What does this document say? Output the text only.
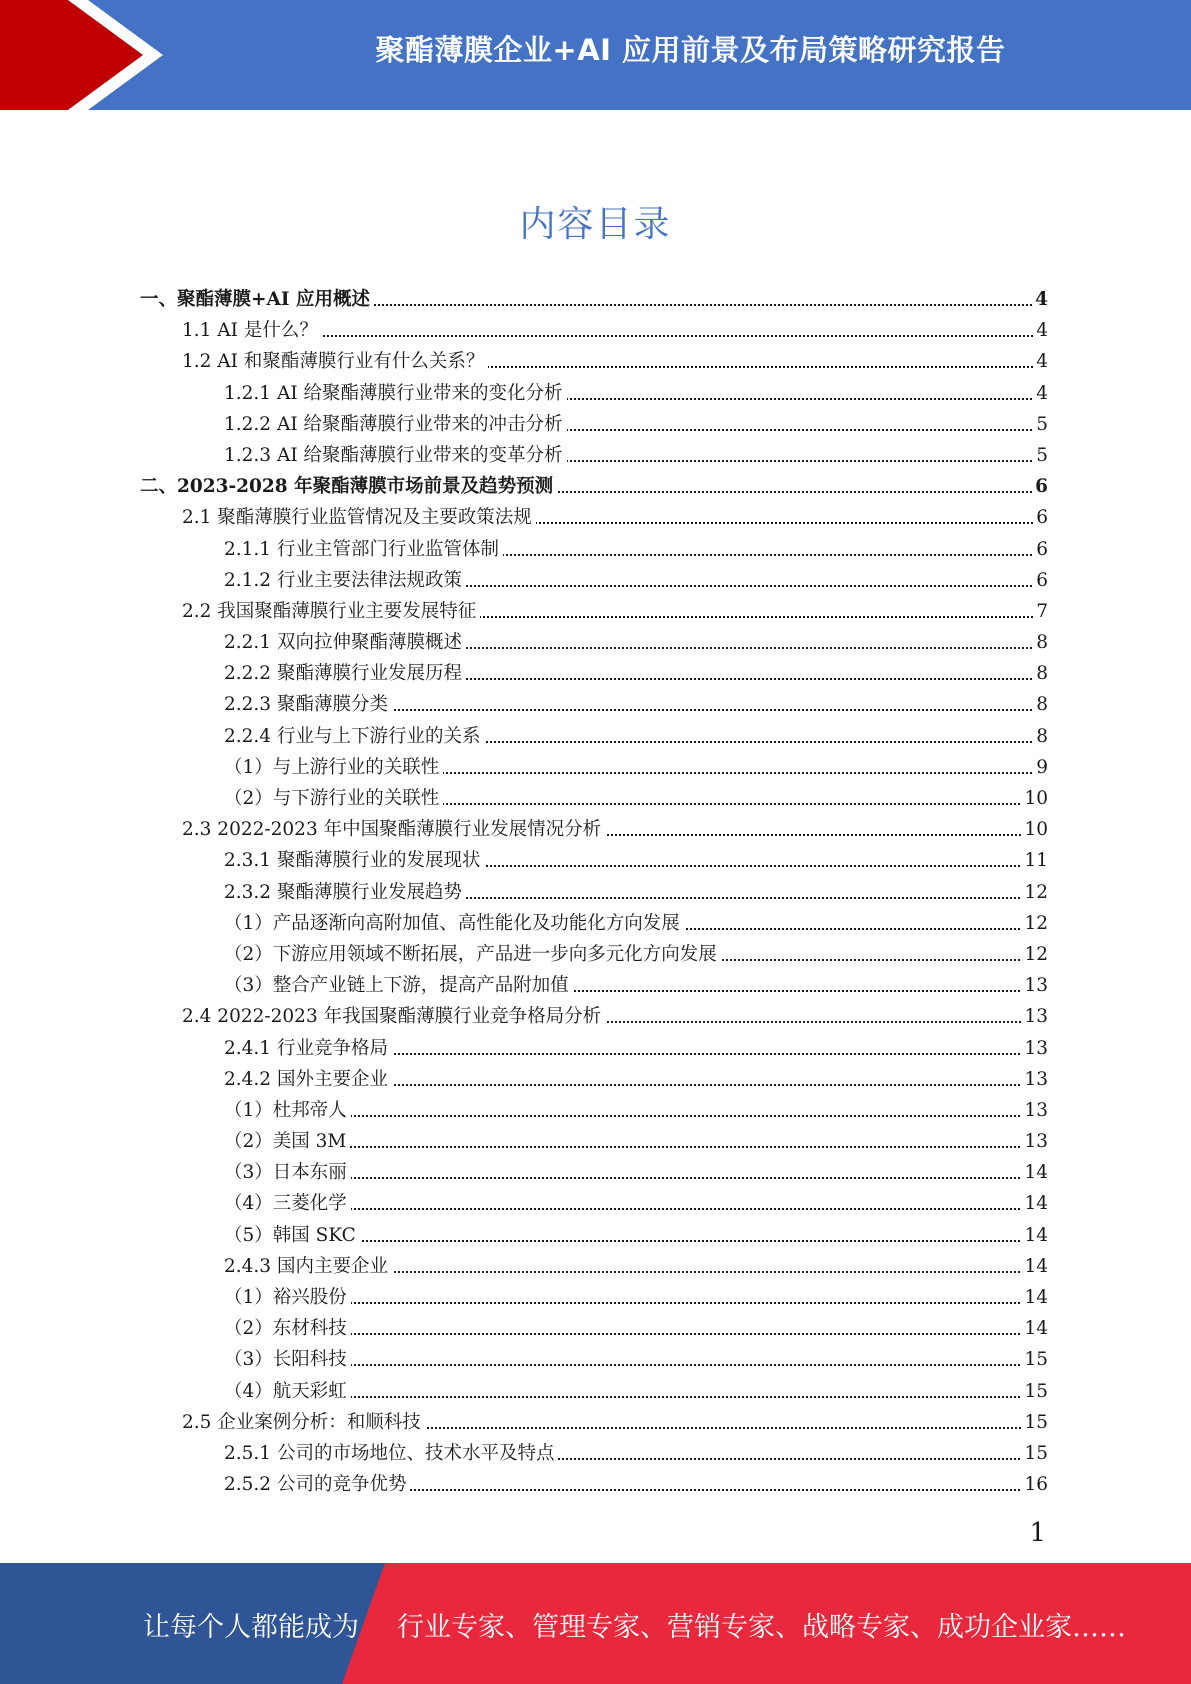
聚酯薄膜企业+AI 应用前景及布局策略研究报告
内容目录
一、聚酯薄膜+AI 应用概述	4
1.1 AI 是什么？	4
1.2 AI 和聚酯薄膜行业有什么关系？	4
1.2.1 AI 给聚酯薄膜行业带来的变化分析	4
1.2.2 AI 给聚酯薄膜行业带来的冲击分析	5
1.2.3 AI 给聚酯薄膜行业带来的变革分析	5
二、2023-2028 年聚酯薄膜市场前景及趋势预测	6
2.1 聚酯薄膜行业监管情况及主要政策法规	6
2.1.1 行业主管部门行业监管体制	6
2.1.2 行业主要法律法规政策	6
2.2 我国聚酯薄膜行业主要发展特征	7
2.2.1 双向拉伸聚酯薄膜概述	8
2.2.2 聚酯薄膜行业发展历程	8
2.2.3 聚酯薄膜分类	8
2.2.4 行业与上下游行业的关系	8
（1）与上游行业的关联性	9
（2）与下游行业的关联性	10
2.3 2022-2023 年中国聚酯薄膜行业发展情况分析	10
2.3.1 聚酯薄膜行业的发展现状	11
2.3.2 聚酯薄膜行业发展趋势	12
（1）产品逐渐向高附加值、高性能化及功能化方向发展	12
（2）下游应用领域不断拓展，产品进一步向多元化方向发展	12
（3）整合产业链上下游，提高产品附加值	13
2.4 2022-2023 年我国聚酯薄膜行业竞争格局分析	13
2.4.1 行业竞争格局	13
2.4.2 国外主要企业	13
（1）杜邦帝人	13
（2）美国 3M	13
（3）日本东丽	14
（4）三菱化学	14
（5）韩国 SKC	14
2.4.3 国内主要企业	14
（1）裕兴股份	14
（2）东材科技	14
（3）长阳科技	15
（4）航天彩虹	15
2.5 企业案例分析：和顺科技	15
2.5.1 公司的市场地位、技术水平及特点	15
2.5.2 公司的竞争优势	16
1
让每个人都能成为 行业专家、管理专家、营销专家、战略专家、成功企业家……
